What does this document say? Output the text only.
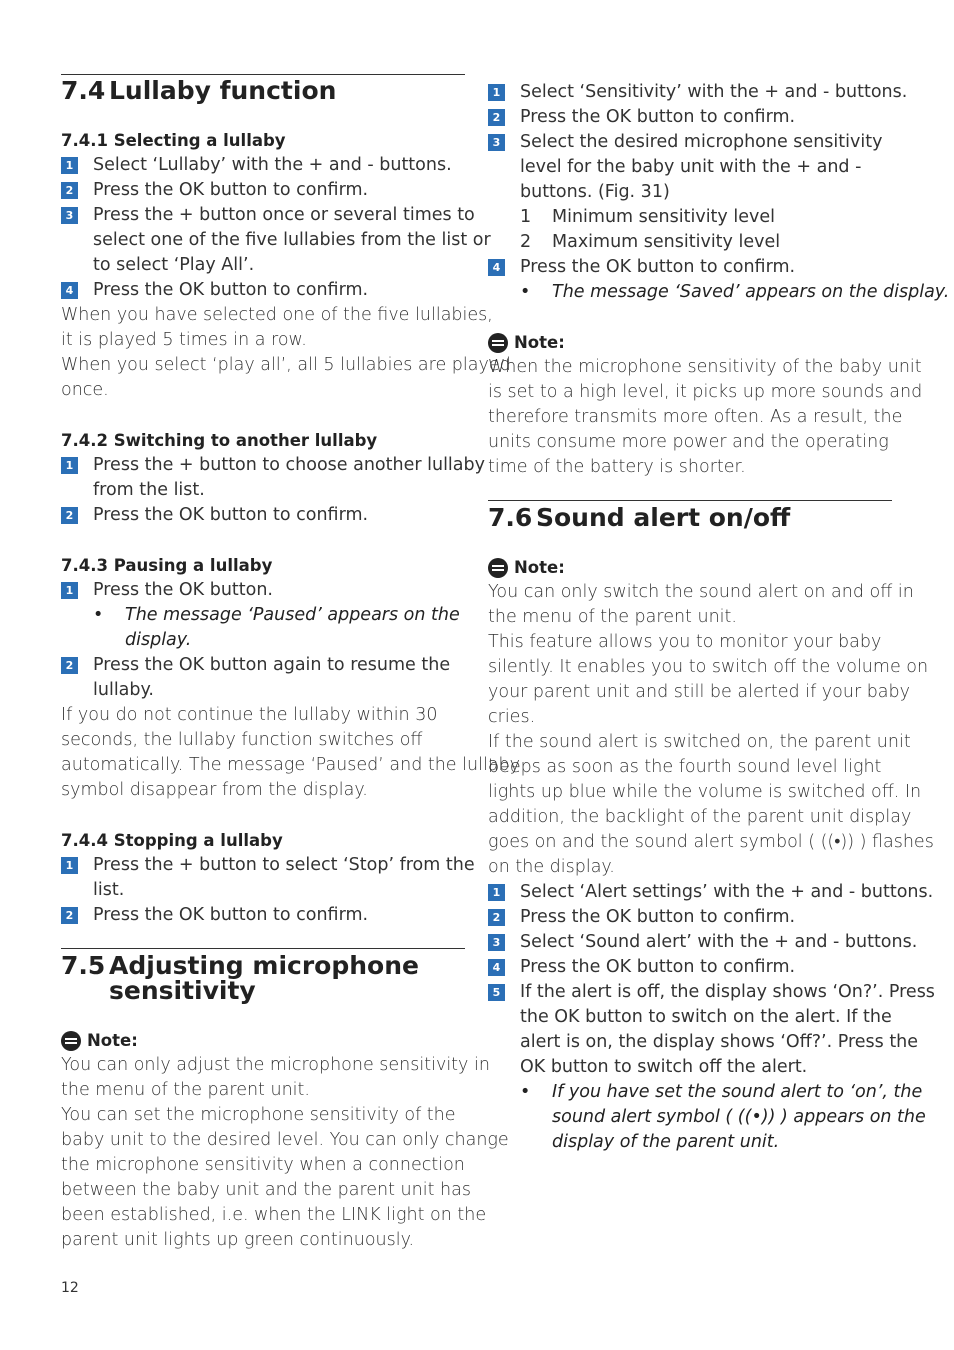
7.4 Lullaby function
7.4.1 Selecting a lullaby
1 Select ‘Lullaby’ with the + and - buttons.
2 Press the OK button to confirm.
3 Press the + button once or several times to
select one of the five lullabies from the list or
to select ‘Play All’.
4 Press the OK button to confirm.
When you have selected one of the five lullabies,
it is played 5 times in a row.
When you select ‘play all’, all 5 lullabies are played
once.
7.4.2 Switching to another lullaby
1 Press the + button to choose another lullaby
from the list.
2 Press the OK button to confirm.
7.4.3 Pausing a lullaby
1 Press the OK button.
•	The message ‘Paused’ appears on the
display.
2 Press the OK button again to resume the
lullaby.
If you do not continue the lullaby within 30
seconds, the lullaby function switches off
automatically. The message ‘Paused’ and the lullaby
symbol disappear from the display.
7.4.4 Stopping a lullaby
1 Press the + button to select ‘Stop’ from the
list.
2 Press the OK button to confirm.
7.5 Adjusting microphone
sensitivity
Note:
You can only adjust the microphone sensitivity in
the menu of the parent unit.
You can set the microphone sensitivity of the
baby unit to the desired level. You can only change
the microphone sensitivity when a connection
between the baby unit and the parent unit has
been established, i.e. when the LINK light on the
parent unit lights up green continuously.
1 Select ‘Sensitivity’ with the + and - buttons.
2 Press the OK button to confirm.
3 Select the desired microphone sensitivity
level for the baby unit with the + and -
buttons. (Fig. 31)
1	Minimum sensitivity level
2	Maximum sensitivity level
4 Press the OK button to confirm.
•	The message ‘Saved’ appears on the display.
Note:
When the microphone sensitivity of the baby unit
is set to a high level, it picks up more sounds and
therefore transmits more often. As a result, the
units consume more power and the operating
time of the battery is shorter.
7.6 Sound alert on/off
Note:
You can only switch the sound alert on and off in
the menu of the parent unit.
This feature allows you to monitor your baby
silently. It enables you to switch off the volume on
your parent unit and still be alerted if your baby
cries.
If the sound alert is switched on, the parent unit
beeps as soon as the fourth sound level light
lights up blue while the volume is switched off. In
addition, the backlight of the parent unit display
goes on and the sound alert symbol ( ((•)) ) flashes
on the display.
1 Select ‘Alert settings’ with the + and - buttons.
2 Press the OK button to confirm.
3 Select ‘Sound alert’ with the + and - buttons.
4 Press the OK button to confirm.
5 If the alert is off, the display shows ‘On?’. Press
the OK button to switch on the alert. If the
alert is on, the display shows ‘Off?’. Press the
OK button to switch off the alert.
•	If you have set the sound alert to ‘on’, the
sound alert symbol ( ((•)) ) appears on the
display of the parent unit.
12
